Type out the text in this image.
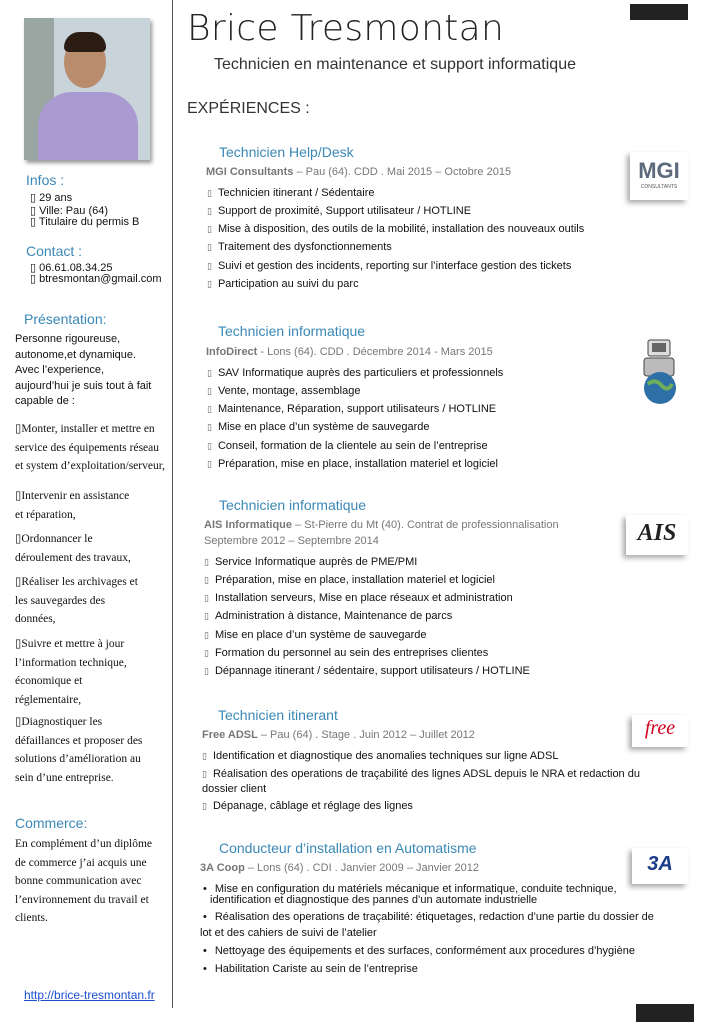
Infos :
▯ 29 ans
▯ Ville: Pau (64)
▯ Titulaire du permis B
Contact :
▯ 06.61.08.34.25
▯ btresmontan@gmail.com
Présentation:
Personne rigoureuse,
autonome,et dynamique.
Avec l’experience,
aujourd’hui je suis tout à fait
capable de :
▯Monter, installer et mettre en
service des équipements réseau
et system d’exploitation/serveur,
▯Intervenir en assistance
et réparation,
▯Ordonnancer le
déroulement des travaux,
▯Réaliser les archivages et
les sauvegardes des
données,
▯Suivre et mettre à jour
l’information technique,
économique et
réglementaire,
▯Diagnostiquer les
défaillances et proposer des
solutions d’amélioration au
sein d’une entreprise.
Commerce:
En complément d’un diplôme
de commerce j’ai acquis une
bonne communication avec
l’environnement du travail et
clients.
http://brice-tresmontan.fr
Brice Tresmontan
Technicien en maintenance et support informatique
EXPÉRIENCES :
Technicien Help/Desk
MGI Consultants – Pau (64). CDD . Mai 2015 – Octobre 2015
▯ Technicien itinerant / Sédentaire
▯ Support de proximité, Support utilisateur / HOTLINE
▯ Mise à disposition, des outils de la mobilité, installation des nouveaux outils
▯ Traitement des dysfonctionnements
▯ Suivi et gestion des incidents, reporting sur l’interface gestion des tickets
▯ Participation au suivi du parc
MGI
CONSULTANTS
Technicien informatique
InfoDirect - Lons (64). CDD . Décembre 2014 - Mars 2015
▯ SAV Informatique auprès des particuliers et professionnels
▯ Vente, montage, assemblage
▯ Maintenance, Réparation, support utilisateurs / HOTLINE
▯ Mise en place d’un système de sauvegarde
▯ Conseil, formation de la clientele au sein de l’entreprise
▯ Préparation, mise en place, installation materiel et logiciel
Technicien informatique
AIS Informatique – St-Pierre du Mt (40). Contrat de professionnalisation
Septembre 2012 – Septembre 2014
▯ Service Informatique auprès de PME/PMI
▯ Préparation, mise en place, installation materiel et logiciel
▯ Installation serveurs, Mise en place réseaux et administration
▯ Administration à distance, Maintenance de parcs
▯ Mise en place d’un système de sauvegarde
▯ Formation du personnel au sein des entreprises clientes
▯ Dépannage itinerant / sédentaire, support utilisateurs / HOTLINE
AIS
Technicien itinerant
Free ADSL – Pau (64) . Stage . Juin 2012 – Juillet 2012
▯ Identification et diagnostique des anomalies techniques sur ligne ADSL
▯ Réalisation des operations de traçabilité des lignes ADSL depuis le NRA et redaction du
dossier client
▯ Dépanage, câblage et réglage des lignes
free
Conducteur d’installation en Automatisme
3A Coop – Lons (64) . CDI . Janvier 2009 – Janvier 2012
• Mise en configuration du matériels mécanique et informatique, conduite technique,
identification et diagnostique des pannes d’un automate industrielle
• Réalisation des operations de traçabilité: étiquetages, redaction d’une partie du dossier de
lot et des cahiers de suivi de l’atelier
• Nettoyage des équipements et des surfaces, conformément aux procedures d’hygiène
• Habilitation Cariste au sein de l’entreprise
3A
